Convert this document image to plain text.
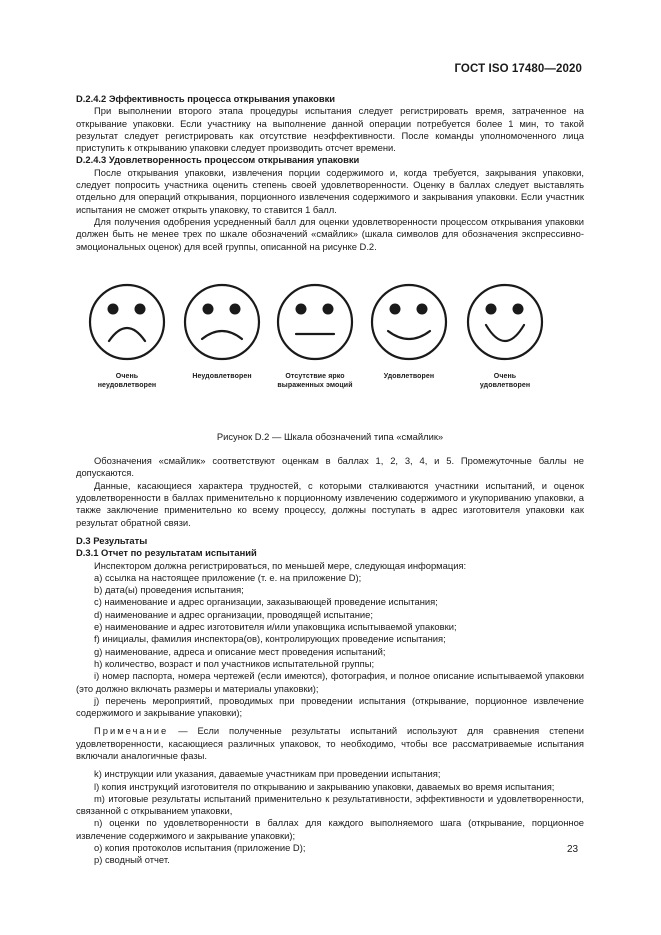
ГОСТ ISO 17480—2020

D.2.4.2 Эффективность процесса открывания упаковки

При выполнении второго этапа процедуры испытания следует регистрировать время, затраченное на открывание упаковки. Если участнику на выполнение данной операции потребуется более 1 мин, то такой результат следует регистрировать как отсутствие неэффективности. После команды уполномоченного лица приступить к открыванию упаковки следует производить отсчет времени.

D.2.4.3 Удовлетворенность процессом открывания упаковки

После открывания упаковки, извлечения порции содержимого и, когда требуется, закрывания упаковки, следует попросить участника оценить степень своей удовлетворенности. Оценку в баллах следует выставлять отдельно для операций открывания, порционного извлечения содержимого и закрывания упаковки. Если участник испытания не сможет открыть упаковку, то ставится 1 балл.

Для получения одобрения усредненный балл для оценки удовлетворенности процессом открывания упаковки должен быть не менее трех по шкале обозначений «смайлик» (шкала символов для обозначения экспрессивно-эмоциональных оценок) для всей группы, описанной на рисунке D.2.

Очень
неудовлетворен
Неудовлетворен	Отсутствие ярко
выраженных эмоций
Удовлетворен	Очень
удовлетворен

Рисунок D.2 — Шкала обозначений типа «смайлик»

Обозначения «смайлик» соответствуют оценкам в баллах 1, 2, 3, 4, и 5. Промежуточные баллы не допускаются.

Данные, касающиеся характера трудностей, с которыми сталкиваются участники испытаний, и оценок удовлетворенности в баллах применительно к порционному извлечению содержимого и укупориванию упаковки, а также заключение применительно ко всему процессу, должны поступать в адрес изготовителя упаковки как результат обратной связи.

D.3 Результаты

D.3.1 Отчет по результатам испытаний

Инспектором должна регистрироваться, по меньшей мере, следующая информация:

a) ссылка на настоящее приложение (т. е. на приложение D);

b) дата(ы) проведения испытания;

c) наименование и адрес организации, заказывающей проведение испытания;

d) наименование и адрес организации, проводящей испытание;

e) наименование и адрес изготовителя и/или упаковщика испытываемой упаковки;

f) инициалы, фамилия инспектора(ов), контролирующих проведение испытания;

g) наименование, адреса и описание мест проведения испытаний;

h) количество, возраст и пол участников испытательной группы;

i) номер паспорта, номера чертежей (если имеются), фотография, и полное описание испытываемой упаковки (это должно включать размеры и материалы упаковки);

j) перечень мероприятий, проводимых при проведении испытания (открывание, порционное извлечение содержимого и закрывание упаковки);

Примечание — Если полученные результаты испытаний используют для сравнения степени удовлетворенности, касающиеся различных упаковок, то необходимо, чтобы все рассматриваемые испытания включали аналогичные фазы.

k) инструкции или указания, даваемые участникам при проведении испытания;

l) копия инструкций изготовителя по открыванию и закрыванию упаковки, даваемых во время испытания;

m) итоговые результаты испытаний применительно к результативности, эффективности и удовлетворенности, связанной с открыванием упаковки,

n) оценки по удовлетворенности в баллах для каждого выполняемого шага (открывание, порционное извлечение содержимого и закрывание упаковки);

o) копия протоколов испытания (приложение D);

p) сводный отчет.

23
